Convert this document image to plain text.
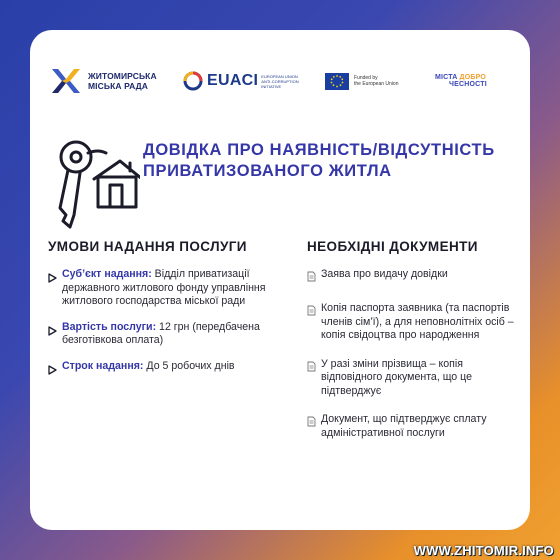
ЖИТОМИРСЬКА
МІСЬКА РАДА	EUACI EUROPEAN UNION
ANTI-CORRUPTION
INITIATIVE
Funded by
the European Union
МІСТА ДОБРО
ЧЕСНОСТІ
ДОВІДКА ПРО НАЯВНІСТЬ/ВІДСУТНІСТЬ
ПРИВАТИЗОВАНОГО ЖИТЛА
УМОВИ НАДАННЯ ПОСЛУГИ
Суб’єкт надання: Відділ приватизації державного житлового фонду управління житлового господарства міської ради
Вартість послуги: 12 грн (передбачена безготівкова оплата)
Строк надання: До 5 робочих днів
НЕОБХІДНІ ДОКУМЕНТИ
Заява про видачу довідки
Копія паспорта заявника (та паспортів членів сім’ї), а для неповнолітніх осіб – копія свідоцтва про народження
У разі зміни прізвища – копія відповідного документа, що це підтверджує
Документ, що підтверджує сплату адміністративної послуги
WWW.ZHITOMIR.INFO
